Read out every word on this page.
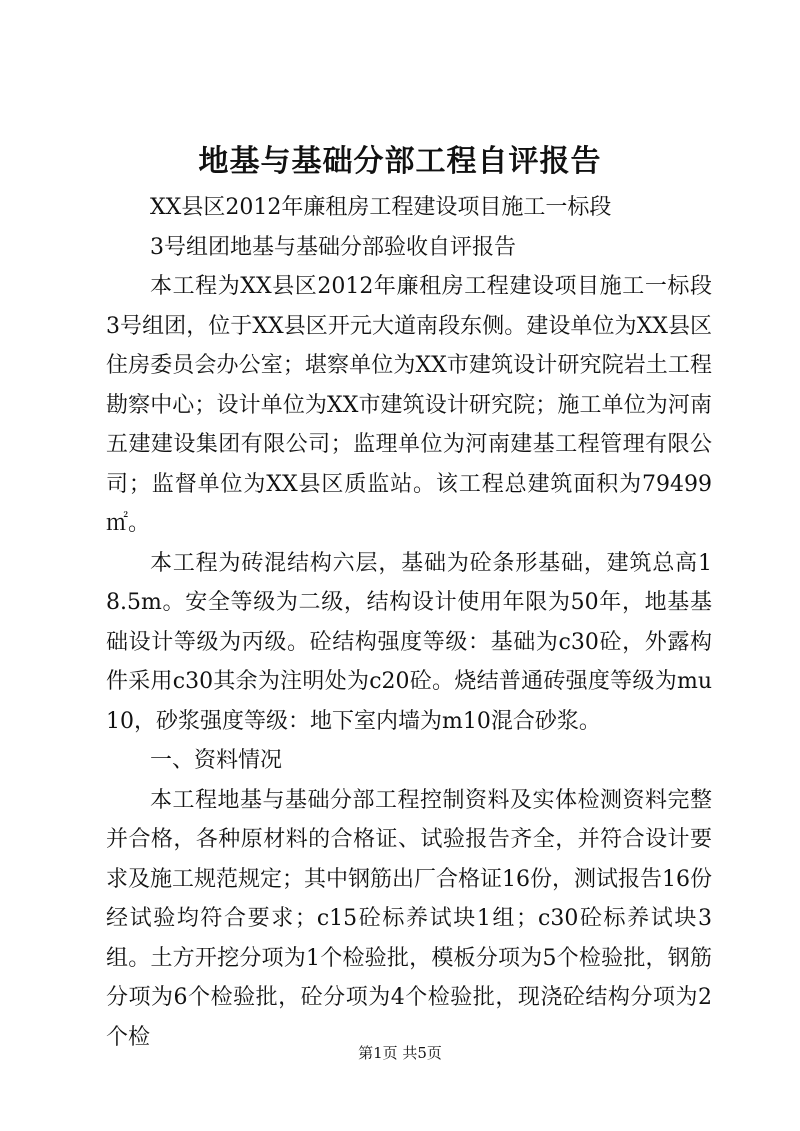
地基与基础分部工程自评报告

XX县区2012年廉租房工程建设项目施工一标段

3号组团地基与基础分部验收自评报告

本工程为XX县区2012年廉租房工程建设项目施工一标段3号组团，位于XX县区开元大道南段东侧。建设单位为XX县区住房委员会办公室；堪察单位为XX市建筑设计研究院岩土工程勘察中心；设计单位为XX市建筑设计研究院；施工单位为河南五建建设集团有限公司；监理单位为河南建基工程管理有限公司；监督单位为XX县区质监站。该工程总建筑面积为79499㎡。

本工程为砖混结构六层，基础为砼条形基础，建筑总高18.5m。安全等级为二级，结构设计使用年限为50年，地基基础设计等级为丙级。砼结构强度等级：基础为c30砼，外露构件采用c30其余为注明处为c20砼。烧结普通砖强度等级为mu10，砂浆强度等级：地下室内墙为m10混合砂浆。

一、资料情况

本工程地基与基础分部工程控制资料及实体检测资料完整并合格，各种原材料的合格证、试验报告齐全，并符合设计要求及施工规范规定；其中钢筋出厂合格证16份，测试报告16份经试验均符合要求；c15砼标养试块1组；c30砼标养试块3组。土方开挖分项为1个检验批，模板分项为5个检验批，钢筋分项为6个检验批，砼分项为4个检验批，现浇砼结构分项为2个检

第1页 共5页
